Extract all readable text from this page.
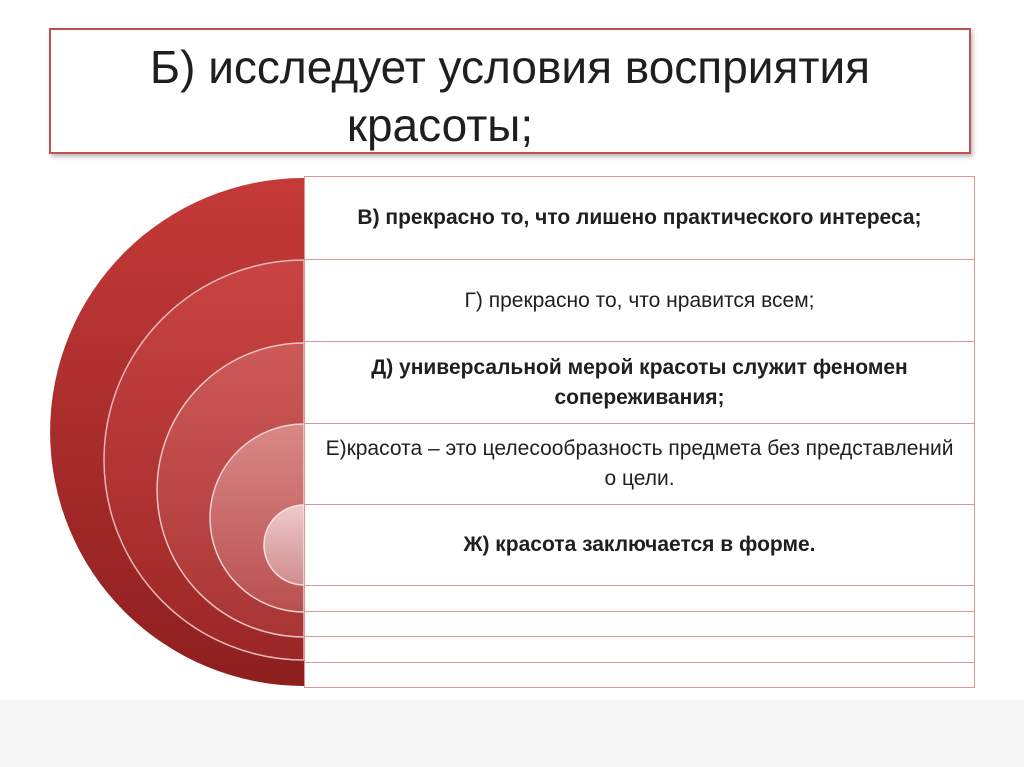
Б) исследует условия восприятия
красоты;
В) прекрасно то, что лишено практического интереса;
Г) прекрасно то, что нравится всем;
Д) универсальной мерой красоты служит феномен сопереживания;
Е)красота – это целесообразность предмета без представлений о цели.
Ж) красота заключается в форме.
